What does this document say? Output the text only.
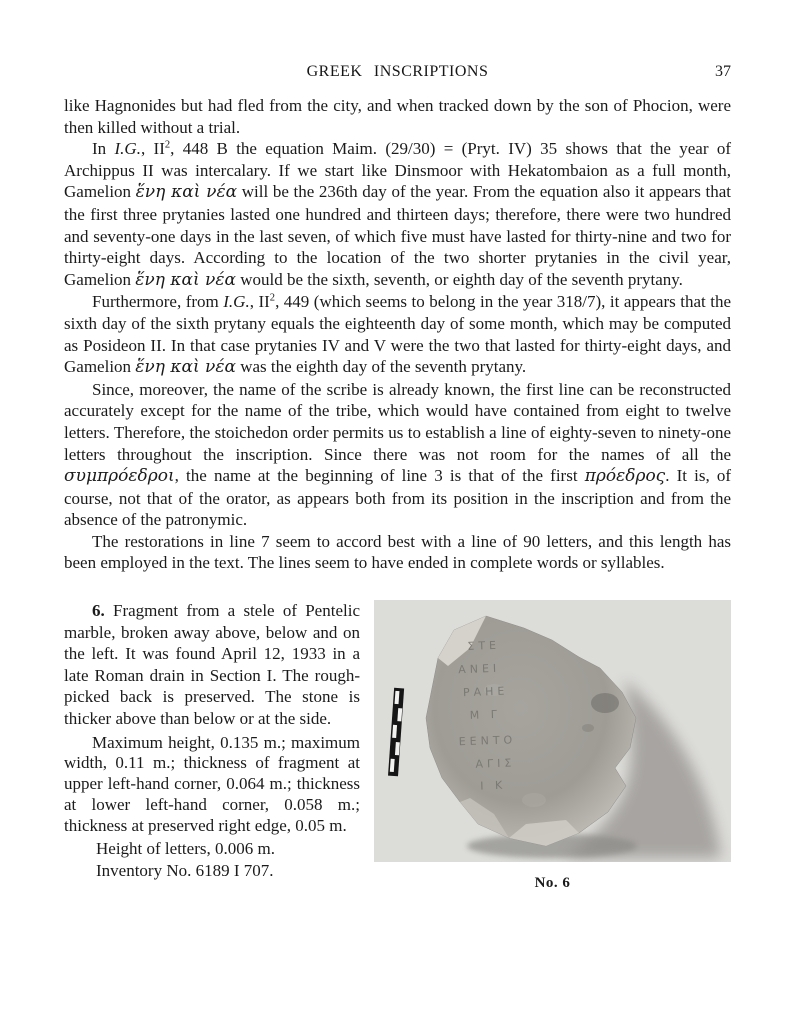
GREEK INSCRIPTIONS	37

like Hagnonides but had fled from the city, and when tracked down by the son of Phocion, were then killed without a trial.

In I.G., $II^2$, 448 B the equation Maim. (29/30) = (Pryt. IV) 35 shows that the year of Archippus II was intercalary. If we start like Dinsmoor with Hekatombaion as a full month, Gamelion ἕνη καὶ νέα will be the 236th day of the year. From the equation also it appears that the first three prytanies lasted one hundred and thirteen days; therefore, there were two hundred and seventy-one days in the last seven, of which five must have lasted for thirty-nine and two for thirty-eight days. According to the location of the two shorter prytanies in the civil year, Gamelion ἕνη καὶ νέα would be the sixth, seventh, or eighth day of the seventh prytany.

Furthermore, from I.G., $II^2$, 449 (which seems to belong in the year 318/7), it appears that the sixth day of the sixth prytany equals the eighteenth day of some month, which may be computed as Posideon II. In that case prytanies IV and V were the two that lasted for thirty-eight days, and Gamelion ἕνη καὶ νέα was the eighth day of the seventh prytany.

Since, moreover, the name of the scribe is already known, the first line can be reconstructed accurately except for the name of the tribe, which would have contained from eight to twelve letters. Therefore, the stoichedon order permits us to establish a line of eighty-seven to ninety-one letters throughout the inscription. Since there was not room for the names of all the συμπρόεδροι, the name at the beginning of line 3 is that of the first πρόεδρος. It is, of course, not that of the orator, as appears both from its position in the inscription and from the absence of the patronymic.

The restorations in line 7 seem to accord best with a line of 90 letters, and this length has been employed in the text. The lines seem to have ended in complete words or syllables.

6. Fragment from a stele of Pentelic marble, broken away above, below and on the left. It was found April 12, 1933 in a late Roman drain in Section I. The rough-picked back is preserved. The stone is thicker above than below or at the side.

Maximum height, 0.135 m.; maximum width, 0.11 m.; thickness of fragment at upper left-hand corner, 0.064 m.; thickness at lower left-hand corner, 0.058 m.; thickness at preserved right edge, 0.05 m.

Height of letters, 0.006 m.

Inventory No. 6189 I 707.

ΣΤΕ
ΑΝΕΙ
ΡΑΗΕ
Μ Γ
ΕΕΝΤΟ
ΑΓΙΣ
Ι Κ
No. 6
